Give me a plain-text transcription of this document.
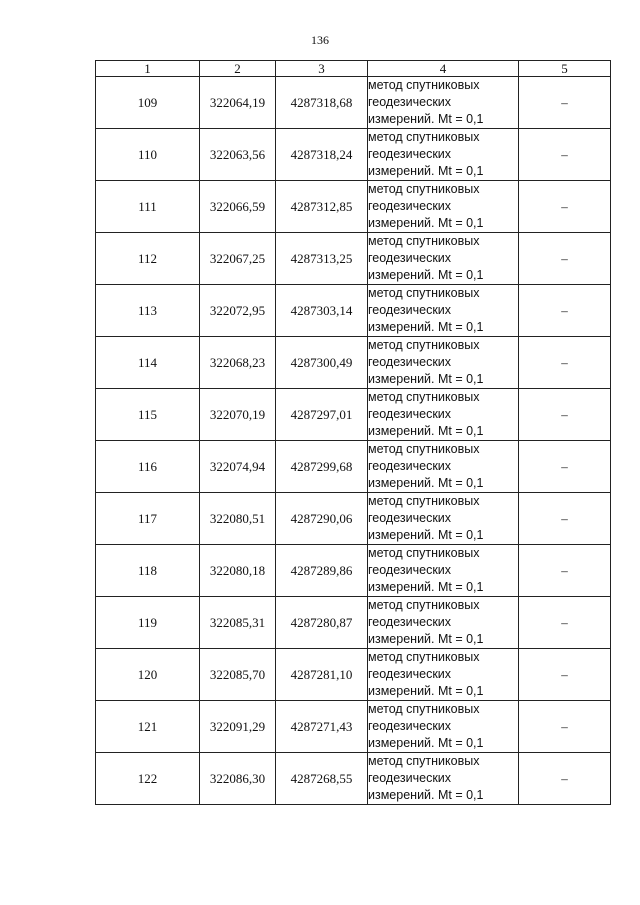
136
1	2	3	4	5
109	322064,19	4287318,68	метод спутниковых
геодезических
измерений. Mt = 0,1	–
110	322063,56	4287318,24	метод спутниковых
геодезических
измерений. Mt = 0,1	–
111	322066,59	4287312,85	метод спутниковых
геодезических
измерений. Mt = 0,1	–
112	322067,25	4287313,25	метод спутниковых
геодезических
измерений. Mt = 0,1	–
113	322072,95	4287303,14	метод спутниковых
геодезических
измерений. Mt = 0,1	–
114	322068,23	4287300,49	метод спутниковых
геодезических
измерений. Mt = 0,1	–
115	322070,19	4287297,01	метод спутниковых
геодезических
измерений. Mt = 0,1	–
116	322074,94	4287299,68	метод спутниковых
геодезических
измерений. Mt = 0,1	–
117	322080,51	4287290,06	метод спутниковых
геодезических
измерений. Mt = 0,1	–
118	322080,18	4287289,86	метод спутниковых
геодезических
измерений. Mt = 0,1	–
119	322085,31	4287280,87	метод спутниковых
геодезических
измерений. Mt = 0,1	–
120	322085,70	4287281,10	метод спутниковых
геодезических
измерений. Mt = 0,1	–
121	322091,29	4287271,43	метод спутниковых
геодезических
измерений. Mt = 0,1	–
122	322086,30	4287268,55	метод спутниковых
геодезических
измерений. Mt = 0,1	–
